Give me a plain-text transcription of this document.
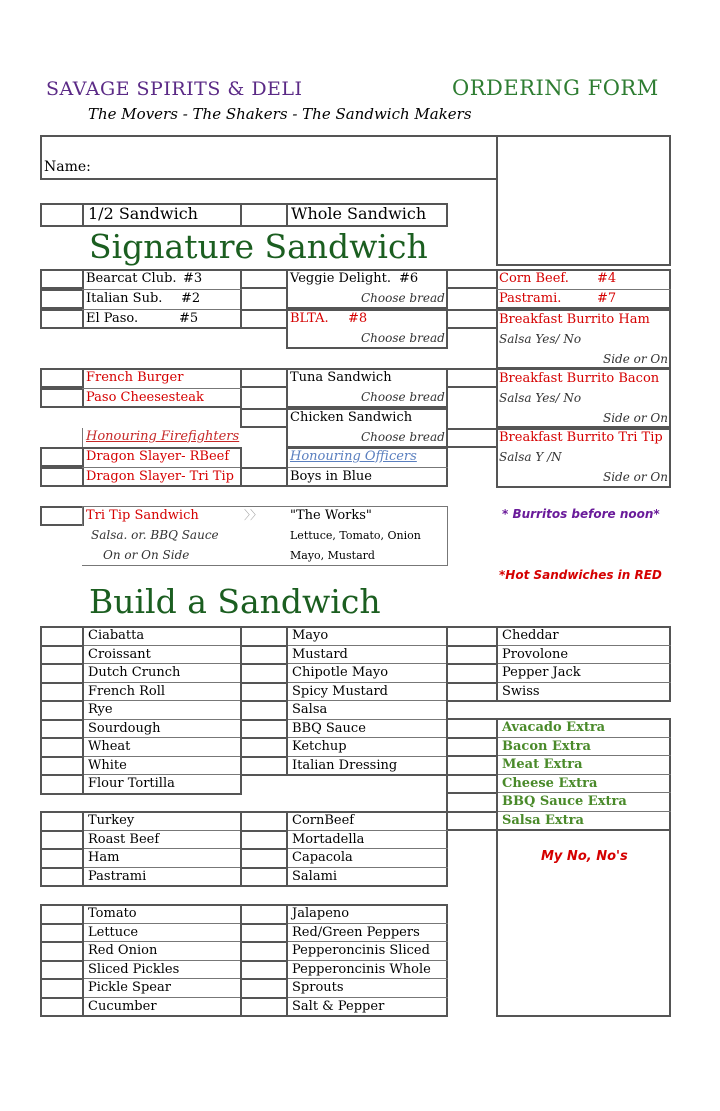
SAVAGE SPIRITS & DELI	ORDERING FORM
The Movers - The Shakers - The Sandwich Makers
Name:
1/2 Sandwich	Whole Sandwich
Signature Sandwich
Bearcat Club. #3
Italian Sub. #2
El Paso.	#5
Veggie Delight. #6
Choose bread
BLTA. #8
Choose bread
Corn Beef. #4
Pastrami.	#7
Breakfast Burrito Ham
Salsa Yes/ No
Side or On
French Burger
Paso Cheesesteak
Tuna Sandwich
Choose bread
Chicken Sandwich
Choose bread
Breakfast Burrito Bacon
Salsa Yes/ No
Side or On
Honouring Firefighters
Dragon Slayer- RBeef
Dragon Slayer- Tri Tip
Honouring Officers
Boys in Blue
Breakfast Burrito Tri Tip
Salsa Y /N
Side or On
Tri Tip Sandwich	〉〉
Salsa. or. BBQ Sauce
On or On Side
"The Works"
Lettuce, Tomato, Onion
Mayo, Mustard
* Burritos before noon*
*Hot Sandwiches in RED
Build a Sandwich
Ciabatta
Croissant
Dutch Crunch
French Roll
Rye
Sourdough
Wheat
White
Flour Tortilla
Mayo
Mustard
Chipotle Mayo
Spicy Mustard
Salsa
BBQ Sauce
Ketchup
Italian Dressing
Cheddar
Provolone
Pepper Jack
Swiss
Avacado Extra
Bacon Extra
Meat Extra
Cheese Extra
BBQ Sauce Extra
Salsa Extra
Turkey
Roast Beef
Ham
Pastrami
CornBeef
Mortadella
Capacola
Salami
Tomato
Lettuce
Red Onion
Sliced Pickles
Pickle Spear
Cucumber
Jalapeno
Red/Green Peppers
Pepperoncinis Sliced
Pepperoncinis Whole
Sprouts
Salt & Pepper
My No, No's
